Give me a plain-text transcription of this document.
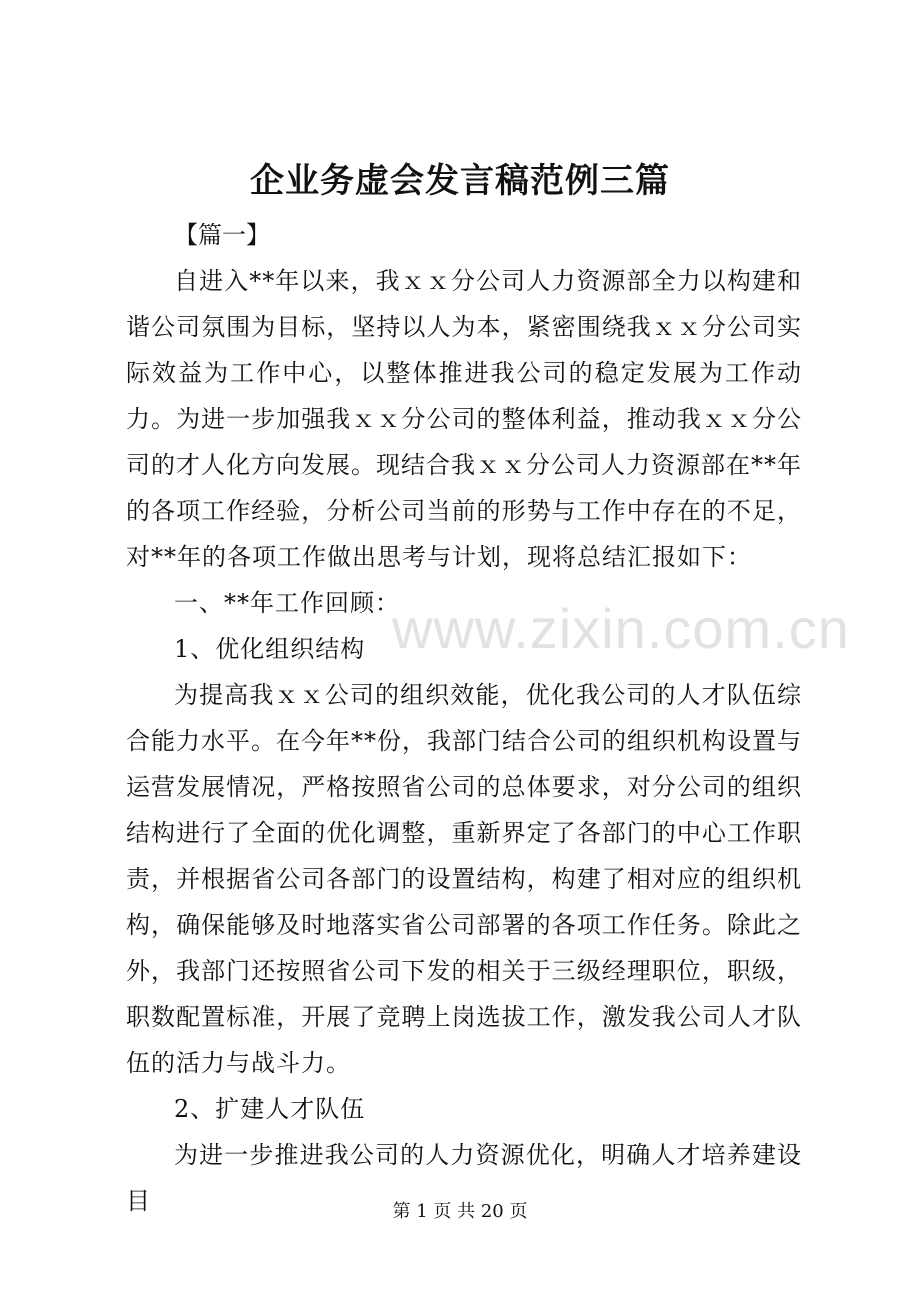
企业务虚会发言稿范例三篇

【篇一】

自进入**年以来，我ｘｘ分公司人力资源部全力以构建和谐公司氛围为目标，坚持以人为本，紧密围绕我ｘｘ分公司实际效益为工作中心，以整体推进我公司的稳定发展为工作动力。为进一步加强我ｘｘ分公司的整体利益，推动我ｘｘ分公司的才人化方向发展。现结合我ｘｘ分公司人力资源部在**年的各项工作经验，分析公司当前的形势与工作中存在的不足，对**年的各项工作做出思考与计划，现将总结汇报如下：

一、**年工作回顾：

1、优化组织结构

为提高我ｘｘ公司的组织效能，优化我公司的人才队伍综合能力水平。在今年**份，我部门结合公司的组织机构设置与运营发展情况，严格按照省公司的总体要求，对分公司的组织结构进行了全面的优化调整，重新界定了各部门的中心工作职责，并根据省公司各部门的设置结构，构建了相对应的组织机构，确保能够及时地落实省公司部署的各项工作任务。除此之外，我部门还按照省公司下发的相关于三级经理职位，职级，职数配置标准，开展了竞聘上岗选拔工作，激发我公司人才队伍的活力与战斗力。

2、扩建人才队伍

为进一步推进我公司的人力资源优化，明确人才培养建设目

www.zixin.com.cn
第 1 页 共 20 页
